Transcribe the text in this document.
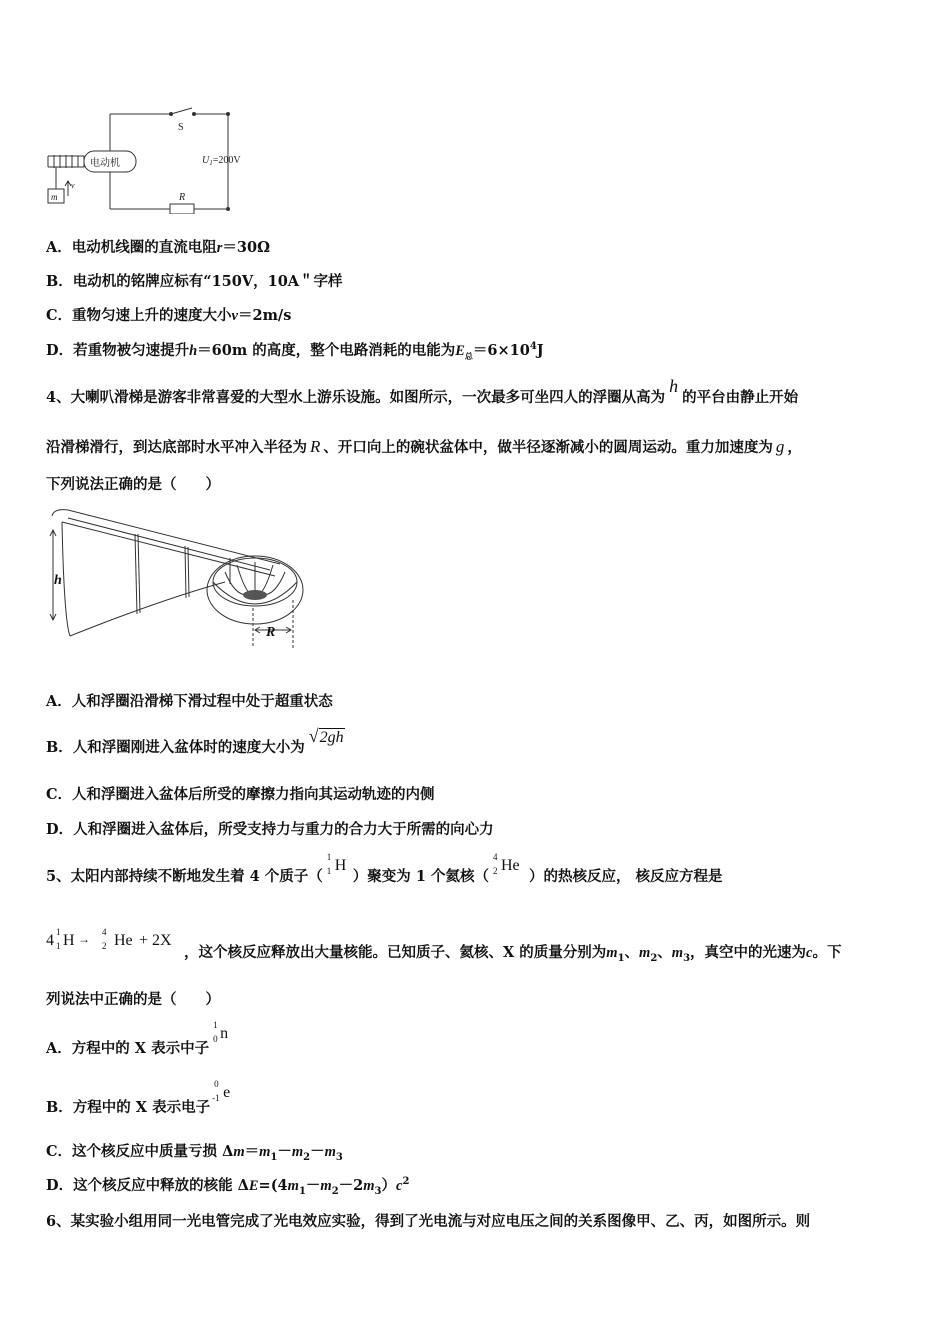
S
电动机	$U_1=200V$
R
m
v
A．电动机线圈的直流电阻r＝30Ω
B．电动机的铭牌应标有“150V，10A＂字样
C．重物匀速上升的速度大小v＝2m/s
D．若重物被匀速提升h＝60m 的高度，整个电路消耗的电能为$E_总=6\times 10^4J$
4、大喇叭滑梯是游客非常喜爱的大型水上游乐设施。如图所示，一次最多可坐四人的浮圈从高为h的平台由静止开始
沿滑梯滑行，到达底部时水平冲入半径为 R 、开口向上的碗状盆体中，做半径逐渐减小的圆周运动。重力加速度为 g ，
下列说法正确的是（　　）
h
R
A．人和浮圈沿滑梯下滑过程中处于超重状态
B．人和浮圈刚进入盆体时的速度大小为√2gh
C．人和浮圈进入盆体后所受的摩擦力指向其运动轨迹的内侧
D．人和浮圈进入盆体后，所受支持力与重力的合力大于所需的向心力
5、太阳内部持续不断地发生着 4 个质子（
1
1 H
）聚变为 1 个氦核（
4
2 He
）的热核反应， 核反应方程是
4 1
1 H → 4
2 He + 2X
，这个核反应释放出大量核能。已知质子、氦核、X 的质量分别为$m_1$、$m_2$、$m_3$，真空中的光速为c。下
列说法中正确的是（　　）
A．方程中的 X 表示中子
1
0 n
B．方程中的 X 表示电子
0
-1 e
C．这个核反应中质量亏损 $\Delta m=m_1-m_2-m_3$
D．这个核反应中释放的核能 $\Delta E=(4m_1-m_2-2m_3)c^2$
6、某实验小组用同一光电管完成了光电效应实验，得到了光电流与对应电压之间的关系图像甲、乙、丙，如图所示。则
